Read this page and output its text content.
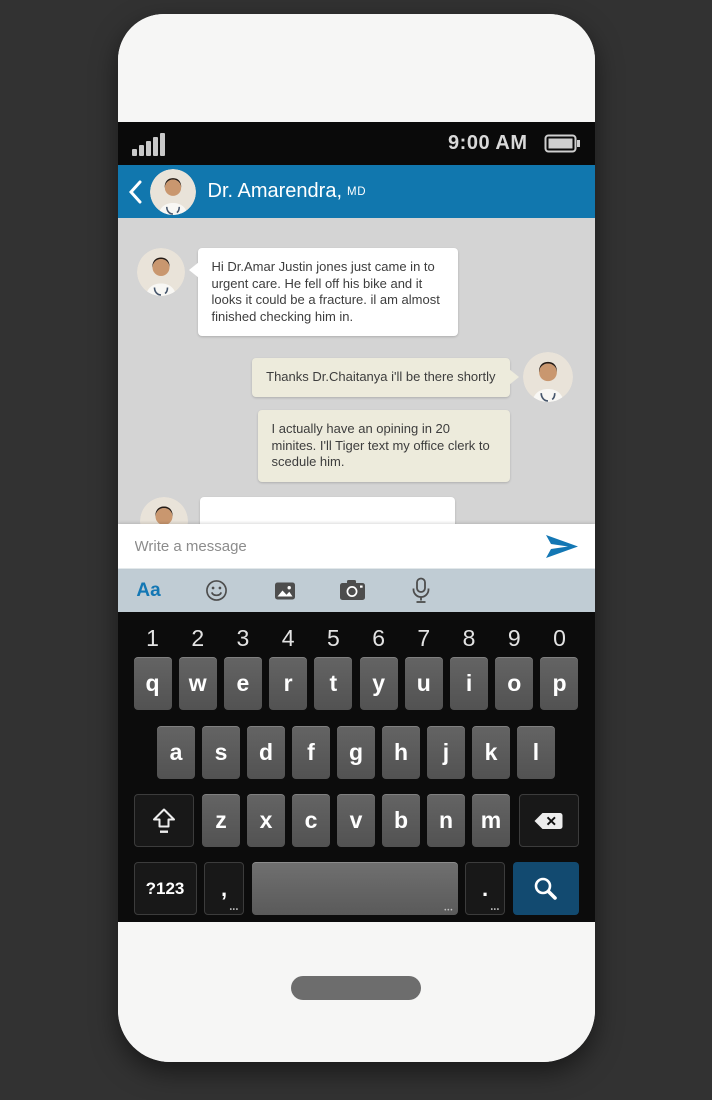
9:00 AM
Dr. Amarendra, MD
Hi Dr.Amar Justin jones just came in to urgent care. He fell off his bike and it looks it could be a fracture. il am almost finished checking him in.
Thanks Dr.Chaitanya i'll be there shortly
I actually have an opining in 20 minites. I'll Tiger text my office clerk to scedule him.
Write a message
Aa
1	2	3	4	5	6	7	8	9	0
q	w	e	r	t	y	u	i	o	p
a	s	d	f	g	h	j	k	l
z	x	c	v	b	n	m
?123	, ••• •••	. •••
